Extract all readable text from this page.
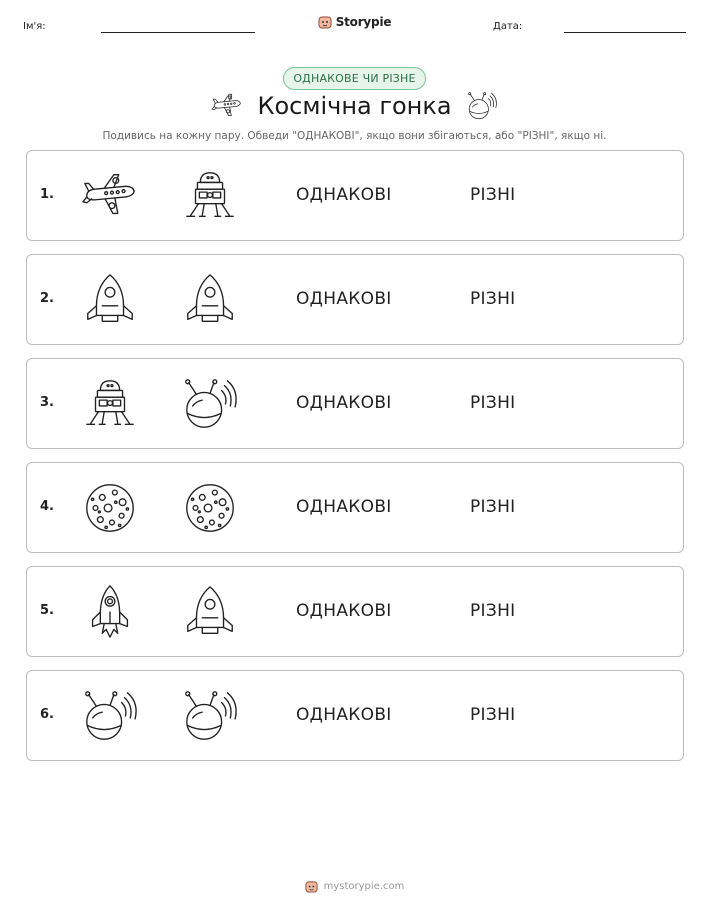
Ім'я:	Storypie	Дата:
ОДНАКОВЕ ЧИ РІЗНЕ
Космічна гонка
Подивись на кожну пару. Обведи "ОДНАКОВІ", якщо вони збігаються, або "РІЗНІ", якщо ні.
1.	ОДНАКОВІ	РІЗНІ
2.	ОДНАКОВІ	РІЗНІ
3.	ОДНАКОВІ	РІЗНІ
4.	ОДНАКОВІ	РІЗНІ
5.	ОДНАКОВІ	РІЗНІ
6.	ОДНАКОВІ	РІЗНІ
mystorypie.com
